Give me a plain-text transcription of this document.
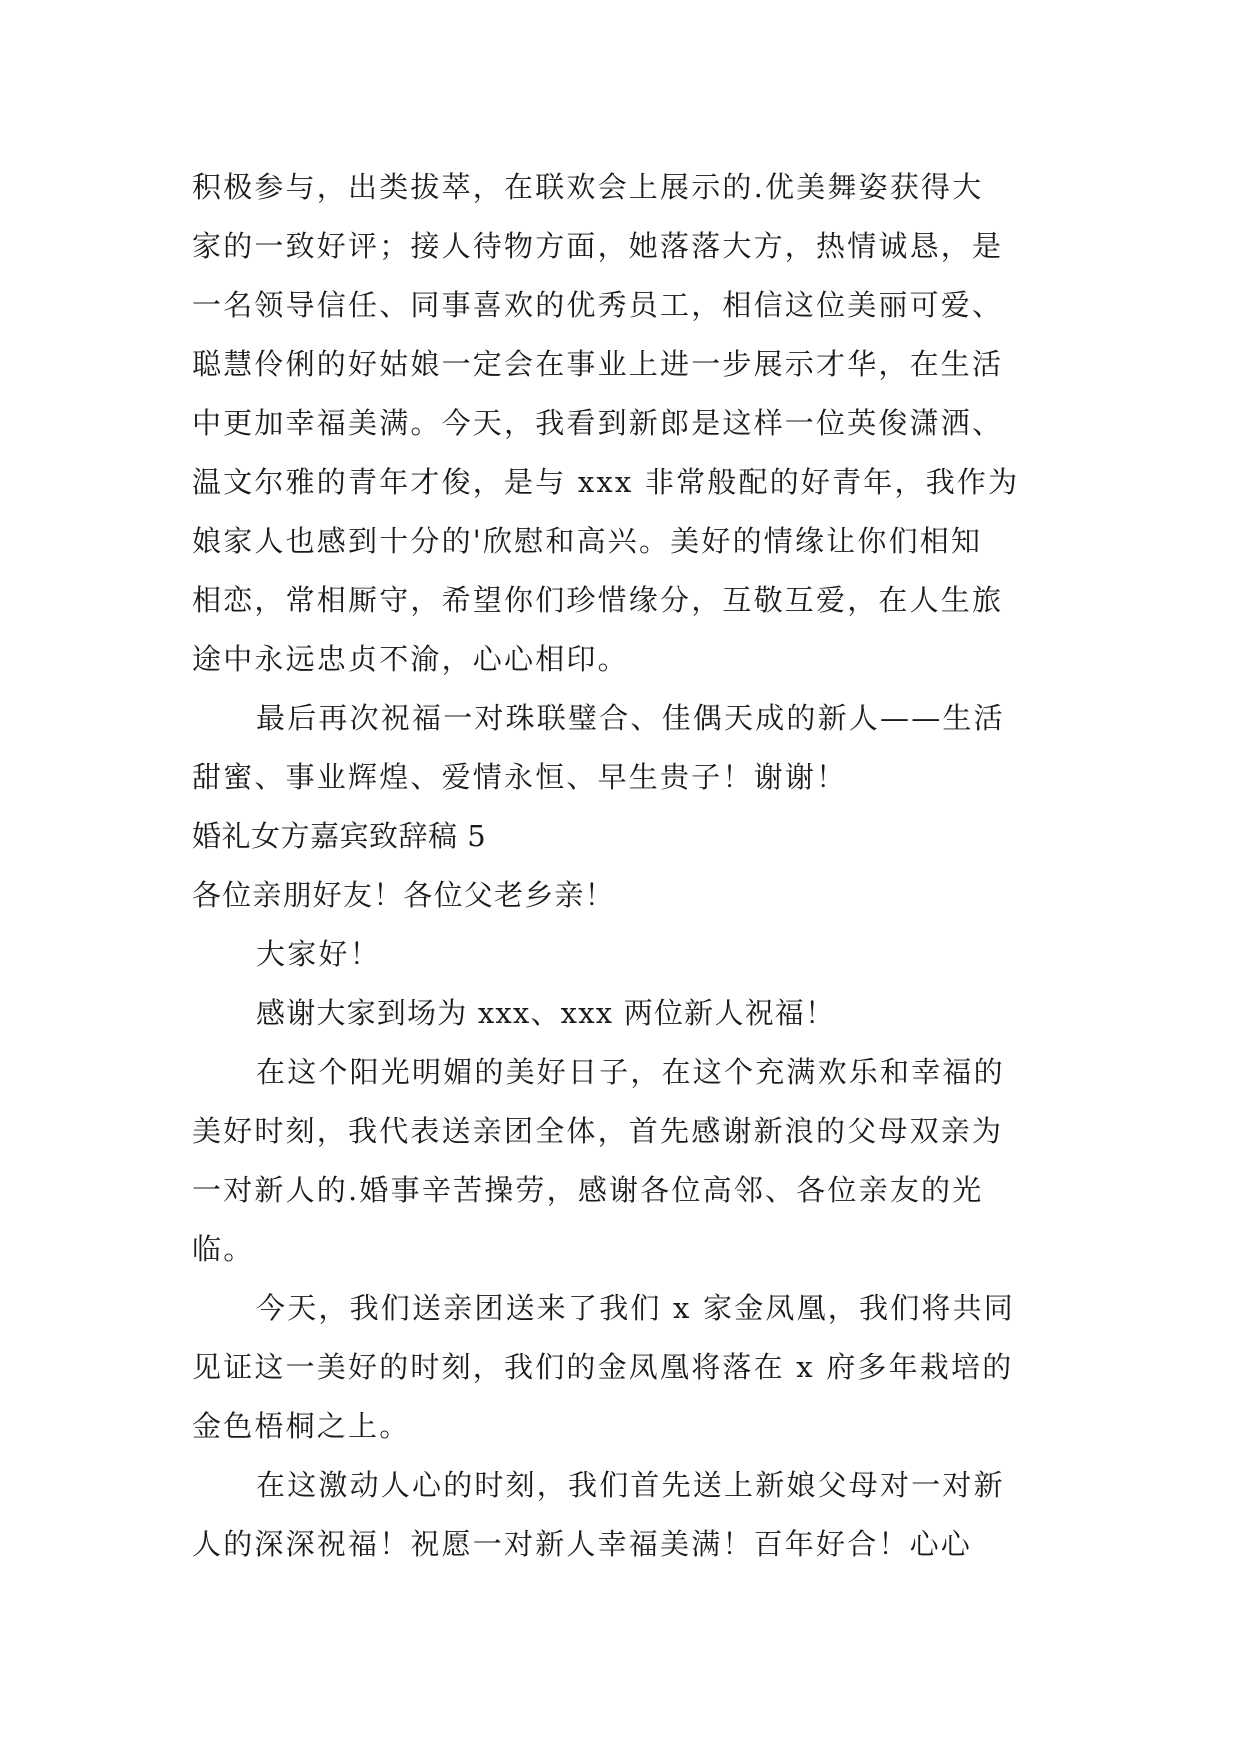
积极参与，出类拔萃，在联欢会上展示的.优美舞姿获得大
家的一致好评；接人待物方面，她落落大方，热情诚恳，是
一名领导信任、同事喜欢的优秀员工，相信这位美丽可爱、
聪慧伶俐的好姑娘一定会在事业上进一步展示才华，在生活
中更加幸福美满。今天，我看到新郎是这样一位英俊潇洒、
温文尔雅的青年才俊，是与 xxx 非常般配的好青年，我作为
娘家人也感到十分的'欣慰和高兴。美好的情缘让你们相知
相恋，常相厮守，希望你们珍惜缘分，互敬互爱，在人生旅
途中永远忠贞不渝，心心相印。
最后再次祝福一对珠联璧合、佳偶天成的新人——生活
甜蜜、事业辉煌、爱情永恒、早生贵子！谢谢！
婚礼女方嘉宾致辞稿 5
各位亲朋好友！各位父老乡亲！
大家好！
感谢大家到场为 xxx、xxx 两位新人祝福！
在这个阳光明媚的美好日子，在这个充满欢乐和幸福的
美好时刻，我代表送亲团全体，首先感谢新浪的父母双亲为
一对新人的.婚事辛苦操劳，感谢各位高邻、各位亲友的光
临。
今天，我们送亲团送来了我们 x 家金凤凰，我们将共同
见证这一美好的时刻，我们的金凤凰将落在 x 府多年栽培的
金色梧桐之上。
在这激动人心的时刻，我们首先送上新娘父母对一对新
人的深深祝福！祝愿一对新人幸福美满！百年好合！心心
